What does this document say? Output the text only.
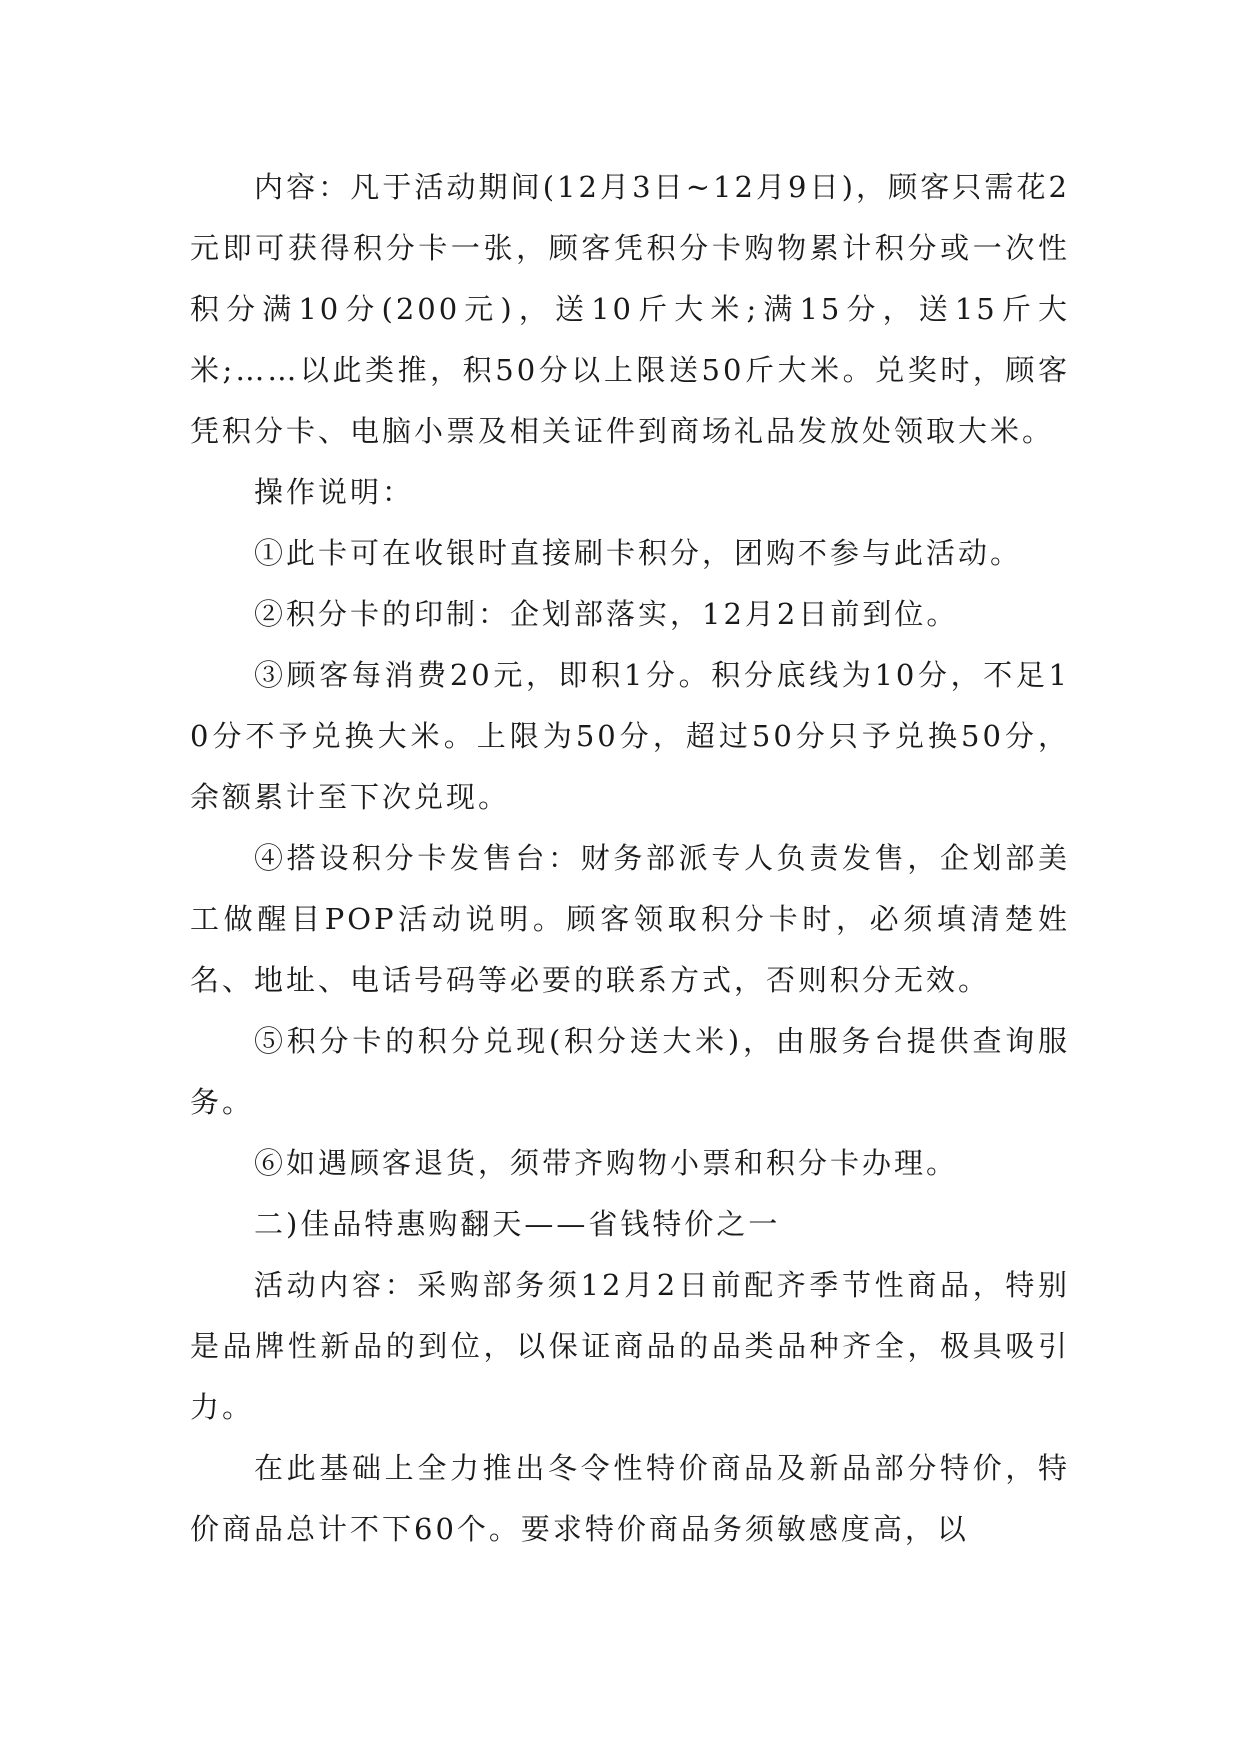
内容：凡于活动期间(12月3日~12月9日)，顾客只需花2元即可获得积分卡一张，顾客凭积分卡购物累计积分或一次性积分满10分(200元)，送10斤大米;满15分，送15斤大米;……以此类推，积50分以上限送50斤大米。兑奖时，顾客凭积分卡、电脑小票及相关证件到商场礼品发放处领取大米。

操作说明：

①此卡可在收银时直接刷卡积分，团购不参与此活动。

②积分卡的印制：企划部落实，12月2日前到位。

③顾客每消费20元，即积1分。积分底线为10分，不足10分不予兑换大米。上限为50分，超过50分只予兑换50分，余额累计至下次兑现。

④搭设积分卡发售台：财务部派专人负责发售，企划部美工做醒目POP活动说明。顾客领取积分卡时，必须填清楚姓名、地址、电话号码等必要的联系方式，否则积分无效。

⑤积分卡的积分兑现(积分送大米)，由服务台提供查询服务。

⑥如遇顾客退货，须带齐购物小票和积分卡办理。

二)佳品特惠购翻天——省钱特价之一

活动内容：采购部务须12月2日前配齐季节性商品，特别是品牌性新品的到位，以保证商品的品类品种齐全，极具吸引力。

在此基础上全力推出冬令性特价商品及新品部分特价，特价商品总计不下60个。要求特价商品务须敏感度高，以
